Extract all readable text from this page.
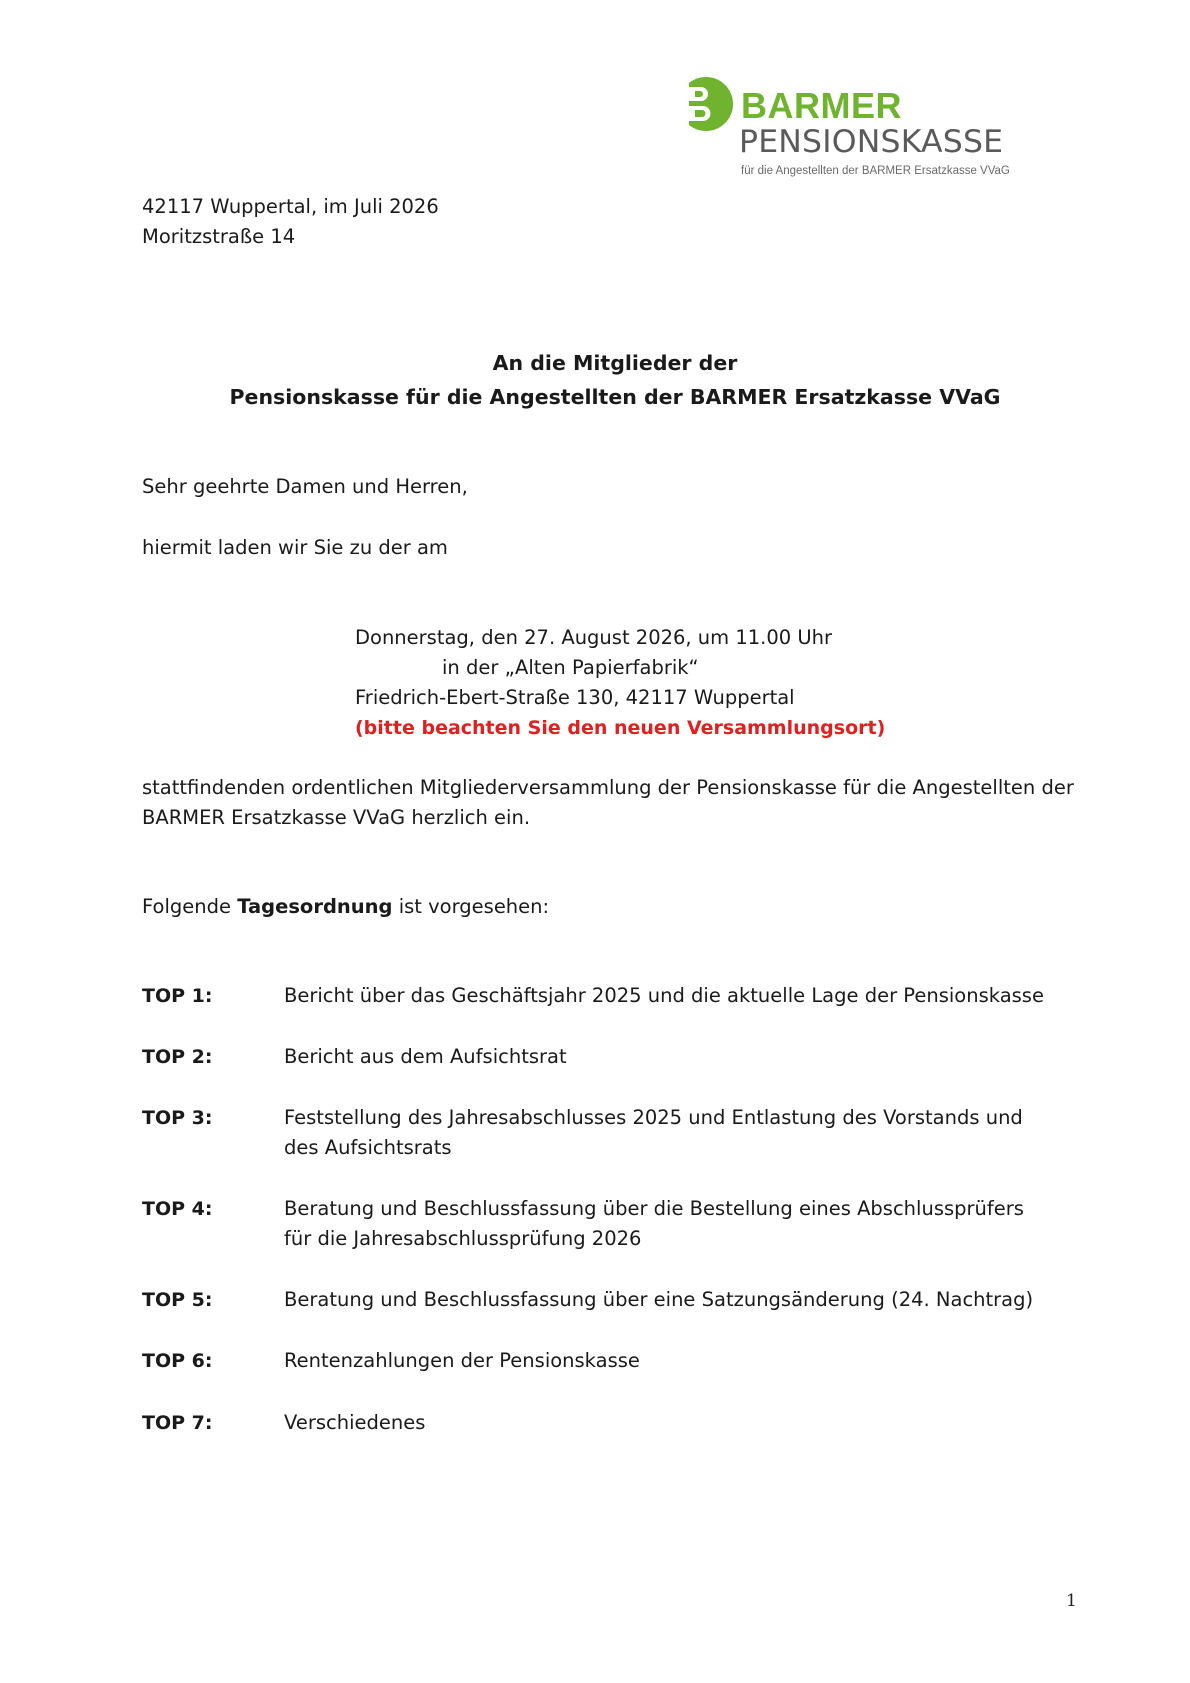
BARMER
PENSIONSKASSE
für die Angestellten der BARMER Ersatzkasse VVaG
42117 Wuppertal, im Juli 2026
Moritzstraße 14
An die Mitglieder der
Pensionskasse für die Angestellten der BARMER Ersatzkasse VVaG
Sehr geehrte Damen und Herren,
hiermit laden wir Sie zu der am
Donnerstag, den 27. August 2026, um 11.00 Uhr
in der „Alten Papierfabrik“
Friedrich-Ebert-Straße 130, 42117 Wuppertal
(bitte beachten Sie den neuen Versammlungsort)
stattfindenden ordentlichen Mitgliederversammlung der Pensionskasse für die Angestellten der
BARMER Ersatzkasse VVaG herzlich ein.
Folgende Tagesordnung ist vorgesehen:
TOP 1:	Bericht über das Geschäftsjahr 2025 und die aktuelle Lage der Pensionskasse
TOP 2:	Bericht aus dem Aufsichtsrat
TOP 3:	Feststellung des Jahresabschlusses 2025 und Entlastung des Vorstands und
des Aufsichtsrats
TOP 4:	Beratung und Beschlussfassung über die Bestellung eines Abschlussprüfers
für die Jahresabschlussprüfung 2026
TOP 5:	Beratung und Beschlussfassung über eine Satzungsänderung (24. Nachtrag)
TOP 6:	Rentenzahlungen der Pensionskasse
TOP 7:	Verschiedenes
1
